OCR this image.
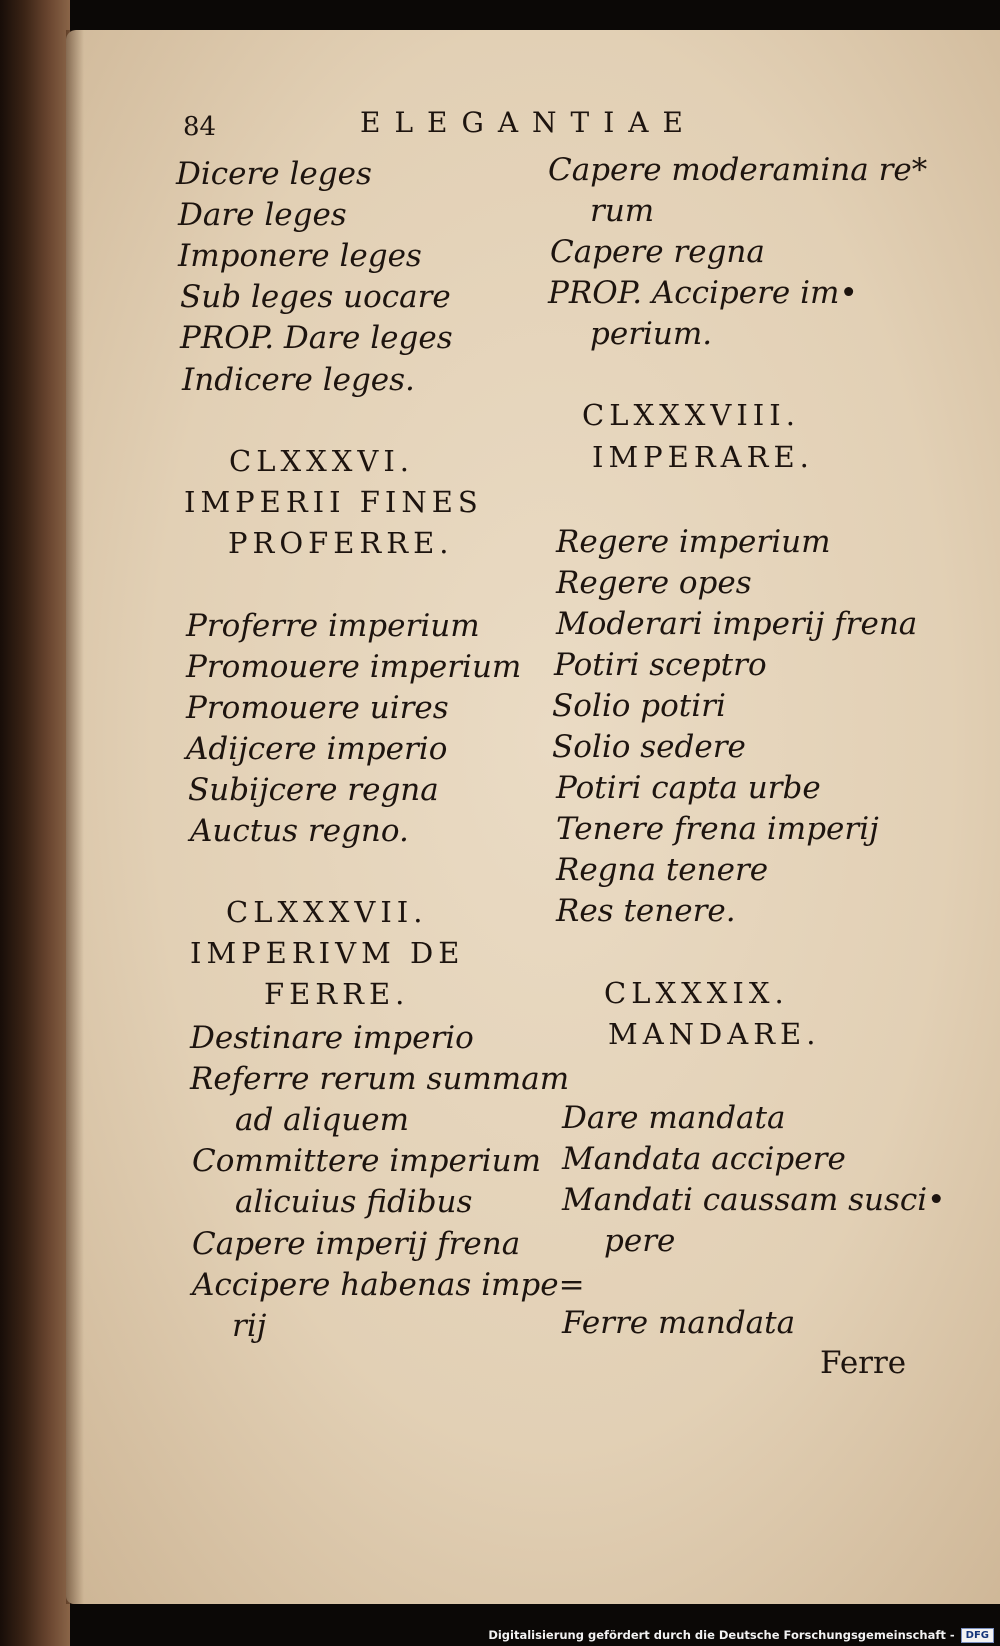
84	ELEGANTIAE
Dicere leges
Dare leges
Imponere leges
Sub leges uocare
PROP. Dare leges
Indicere leges.
CLXXXVI.
IMPERII FINES
PROFERRE.
Proferre imperium
Promouere imperium
Promouere uires
Adijcere imperio
Subijcere regna
Auctus regno.
CLXXXVII.
IMPERIVM DE
FERRE.
Destinare imperio
Referre rerum summam
ad aliquem
Committere imperium
alicuius fidibus
Capere imperij frena
Accipere habenas impe=
rij
Capere moderamina re*
rum
Capere regna
PROP. Accipere im•
perium.
CLXXXVIII.
IMPERARE.
Regere imperium
Regere opes
Moderari imperij frena
Potiri sceptro
Solio potiri
Solio sedere
Potiri capta urbe
Tenere frena imperij
Regna tenere
Res tenere.
CLXXXIX.
MANDARE.
Dare mandata
Mandata accipere
Mandati caussam susci•
pere
Ferre mandata
Ferre
Digitalisierung gefördert durch die Deutsche Forschungsgemeinschaft -	DFG
